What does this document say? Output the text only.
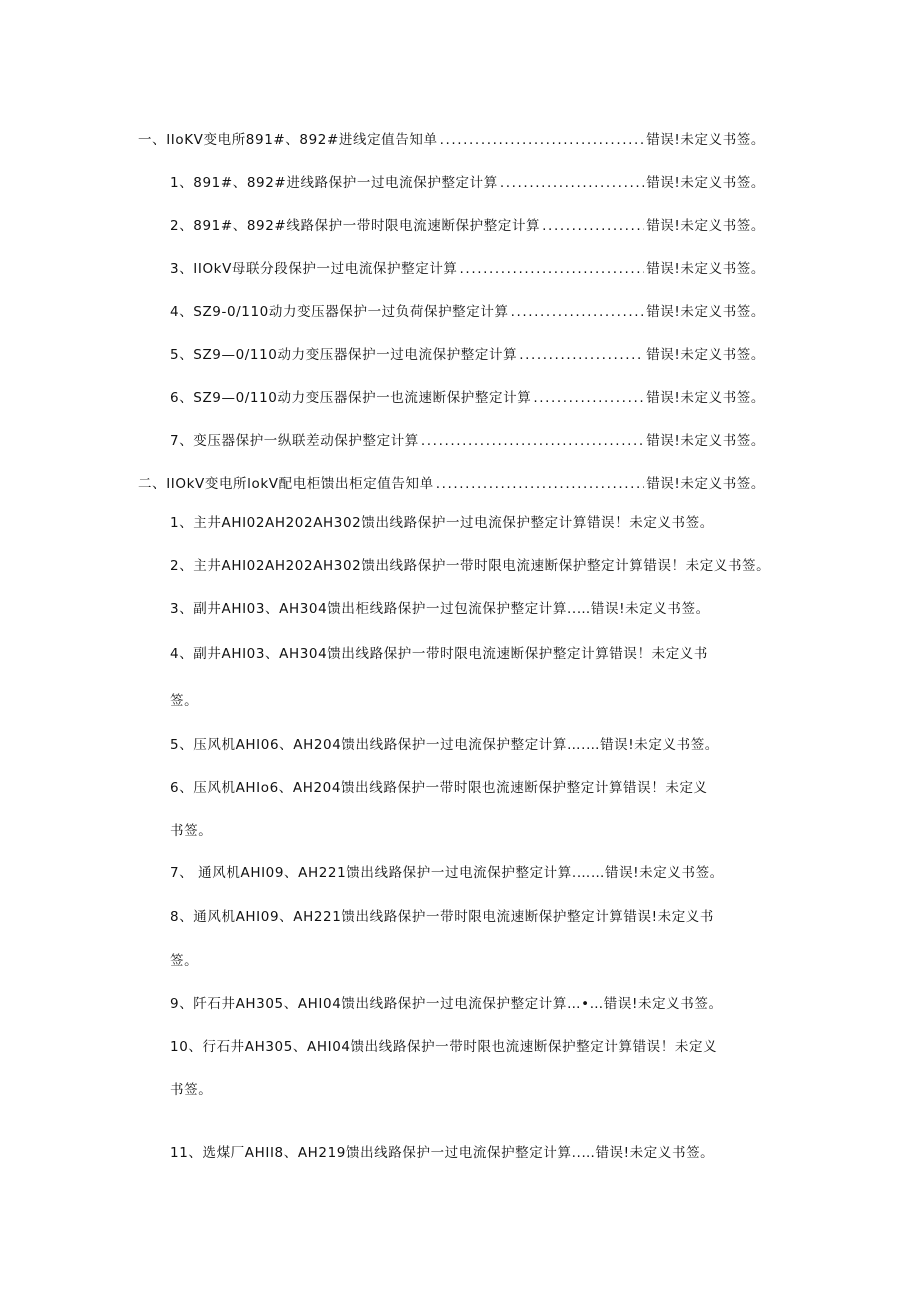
一、IIoKV变电所891#、892#进线定值告知单 .....	错误!未定义书签。
1、891#、892#进线路保护一过电流保护整定计算 .....	错误!未定义书签。
2、891#、892#线路保护一带时限电流速断保护整定计算 .....	错误!未定义书签。
3、IIOkV母联分段保护一过电流保护整定计算 .....	错误!未定义书签。
4、SZ9-0/110动力变压器保护一过负荷保护整定计算 .....	错误!未定义书签。
5、SZ9—0/110动力变压器保护一过电流保护整定计算 .....	错误!未定义书签。
6、SZ9—0/110动力变压器保护一也流速断保护整定计算 .....	错误!未定义书签。
7、变压器保护一纵联差动保护整定计算 .....	错误!未定义书签。
二、IIOkV变电所lokV配电柜馈出柜定值告知单 .....	错误!未定义书签。
1、主井AHI02AH202AH302馈出线路保护一过电流保护整定计算错误！未定义书签。
2、主井AHI02AH202AH302馈出线路保护一带时限电流速断保护整定计算错误！未定义书签。
3、副井AHI03、AH304馈出柜线路保护一过包流保护整定计算..…错误!未定义书签。
4、副井AHI03、AH304馈出线路保护一带时限电流速断保护整定计算错误！未定义书
签。
5、压风机AHI06、AH204馈出线路保护一过电流保护整定计算….…错误!未定义书签。
6、压风机AHIo6、AH204馈出线路保护一带时限也流速断保护整定计算错误！未定义
书签。
7、 通风机AHI09、AH221馈出线路保护一过电流保护整定计算.……错误!未定义书签。
8、通风机AHI09、AH221馈出线路保护一带时限电流速断保护整定计算错误!未定义书
签。
9、阡石井AH305、AHI04馈出线路保护一过电流保护整定计算…•…错误!未定义书签。
10、行石井AH305、AHI04馈出线路保护一带时限也流速断保护整定计算错误！未定义
书签。
11、选煤厂AHII8、AH219馈出线路保护一过电流保护整定计算..…错误!未定义书签。
